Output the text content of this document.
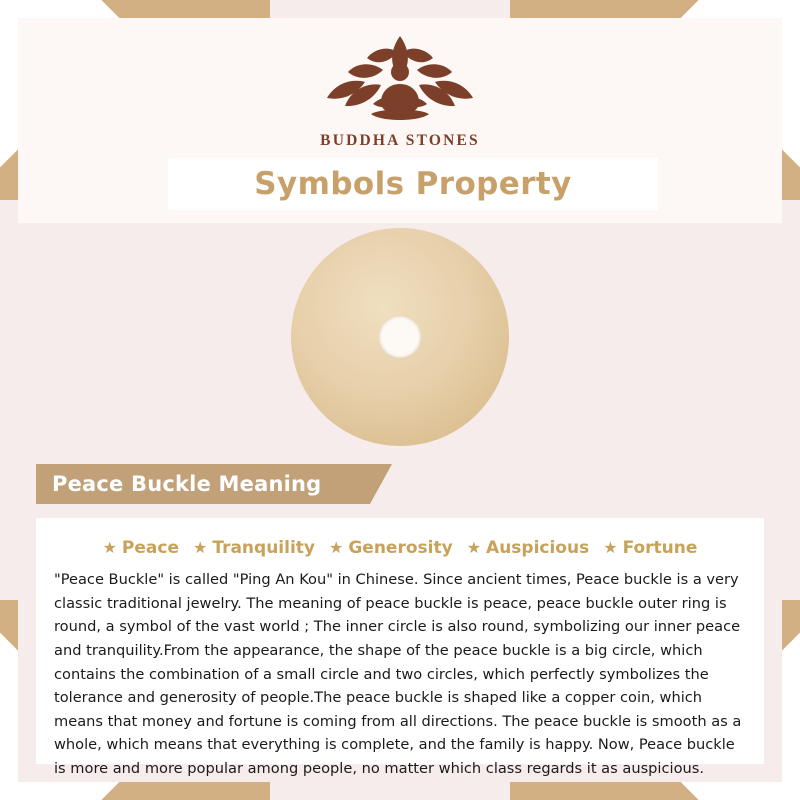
BUDDHA STONES
Symbols Property
Peace Buckle Meaning
★ Peace ★ Tranquility ★ Generosity ★ Auspicious ★ Fortune

"Peace Buckle" is called "Ping An Kou" in Chinese. Since ancient times, Peace buckle is a very classic traditional jewelry. The meaning of peace buckle is peace, peace buckle outer ring is round, a symbol of the vast world ; The inner circle is also round, symbolizing our inner peace and tranquility.From the appearance, the shape of the peace buckle is a big circle, which contains the combination of a small circle and two circles, which perfectly symbolizes the tolerance and generosity of people.The peace buckle is shaped like a copper coin, which means that money and fortune is coming from all directions. The peace buckle is smooth as a whole, which means that everything is complete, and the family is happy. Now, Peace buckle is more and more popular among people, no matter which class regards it as auspicious.
